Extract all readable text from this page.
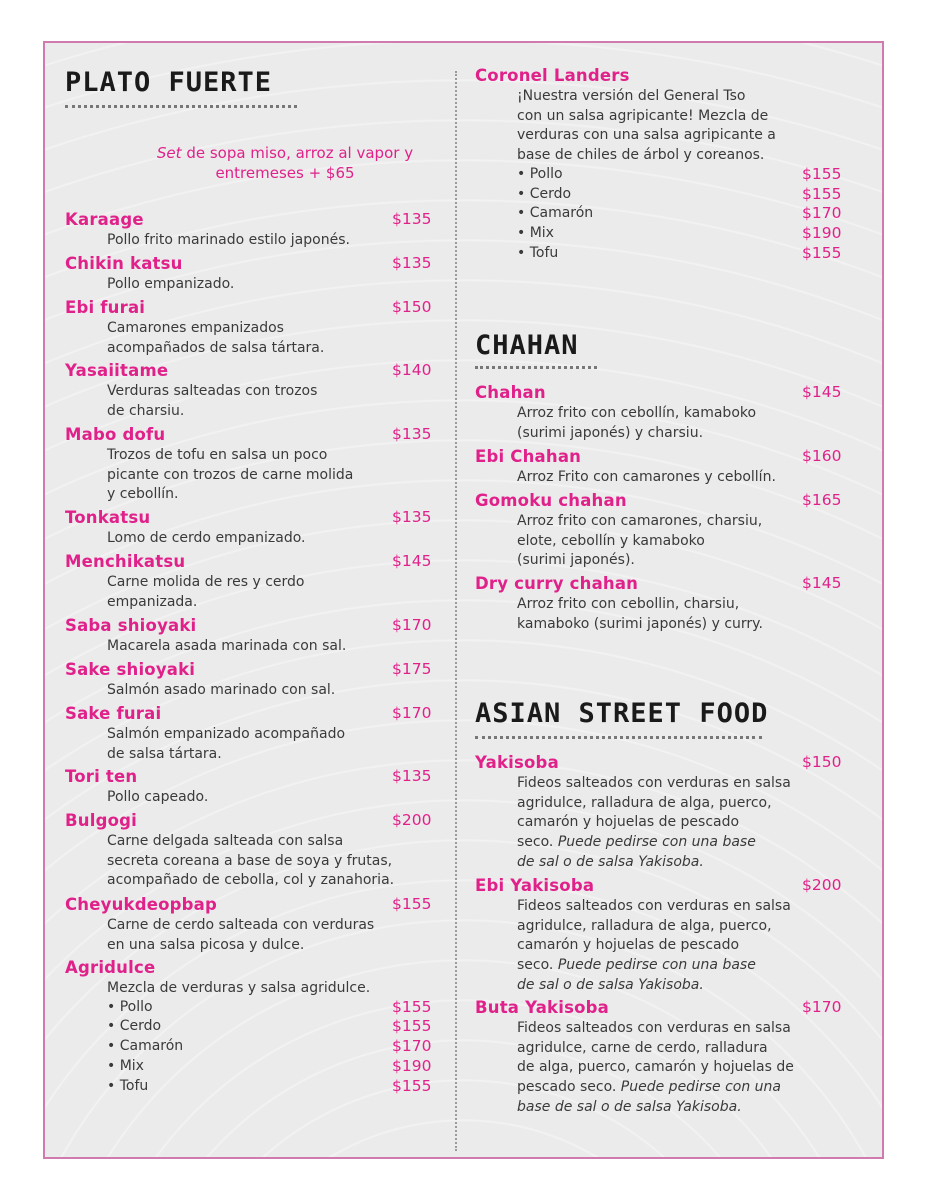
PLATO FUERTE
Set de sopa miso, arroz al vapor y
entremeses + $65
Karaage	$135
Pollo frito marinado estilo japonés.
Chikin katsu	$135
Pollo empanizado.
Ebi furai	$150
Camarones empanizados
acompañados de salsa tártara.
Yasaiitame	$140
Verduras salteadas con trozos
de charsiu.
Mabo dofu	$135
Trozos de tofu en salsa un poco
picante con trozos de carne molida
y cebollín.
Tonkatsu	$135
Lomo de cerdo empanizado.
Menchikatsu	$145
Carne molida de res y cerdo
empanizada.
Saba shioyaki	$170
Macarela asada marinada con sal.
Sake shioyaki	$175
Salmón asado marinado con sal.
Sake furai	$170
Salmón empanizado acompañado
de salsa tártara.
Tori ten	$135
Pollo capeado.
Bulgogi	$200
Carne delgada salteada con salsa
secreta coreana a base de soya y frutas,
acompañado de cebolla, col y zanahoria.
Cheyukdeopbap	$155
Carne de cerdo salteada con verduras
en una salsa picosa y dulce.
Agridulce
Mezcla de verduras y salsa agridulce.
• Pollo	$155
• Cerdo	$155
• Camarón	$170
• Mix	$190
• Tofu	$155
CHAHAN
ASIAN STREET FOOD
Coronel Landers
¡Nuestra versión del General Tso
con un salsa agripicante! Mezcla de
verduras con una salsa agripicante a
base de chiles de árbol y coreanos.
• Pollo	$155
• Cerdo	$155
• Camarón	$170
• Mix	$190
• Tofu	$155
Chahan	$145
Arroz frito con cebollín, kamaboko
(surimi japonés) y charsiu.
Ebi Chahan	$160
Arroz Frito con camarones y cebollín.
Gomoku chahan	$165
Arroz frito con camarones, charsiu,
elote, cebollín y kamaboko
(surimi japonés).
Dry curry chahan	$145
Arroz frito con cebollin, charsiu,
kamaboko (surimi japonés) y curry.
Yakisoba	$150
Fideos salteados con verduras en salsa
agridulce, ralladura de alga, puerco,
camarón y hojuelas de pescado
seco. Puede pedirse con una base
de sal o de salsa Yakisoba.
Ebi Yakisoba	$200
Fideos salteados con verduras en salsa
agridulce, ralladura de alga, puerco,
camarón y hojuelas de pescado
seco. Puede pedirse con una base
de sal o de salsa Yakisoba.
Buta Yakisoba	$170
Fideos salteados con verduras en salsa
agridulce, carne de cerdo, ralladura
de alga, puerco, camarón y hojuelas de
pescado seco. Puede pedirse con una
base de sal o de salsa Yakisoba.
